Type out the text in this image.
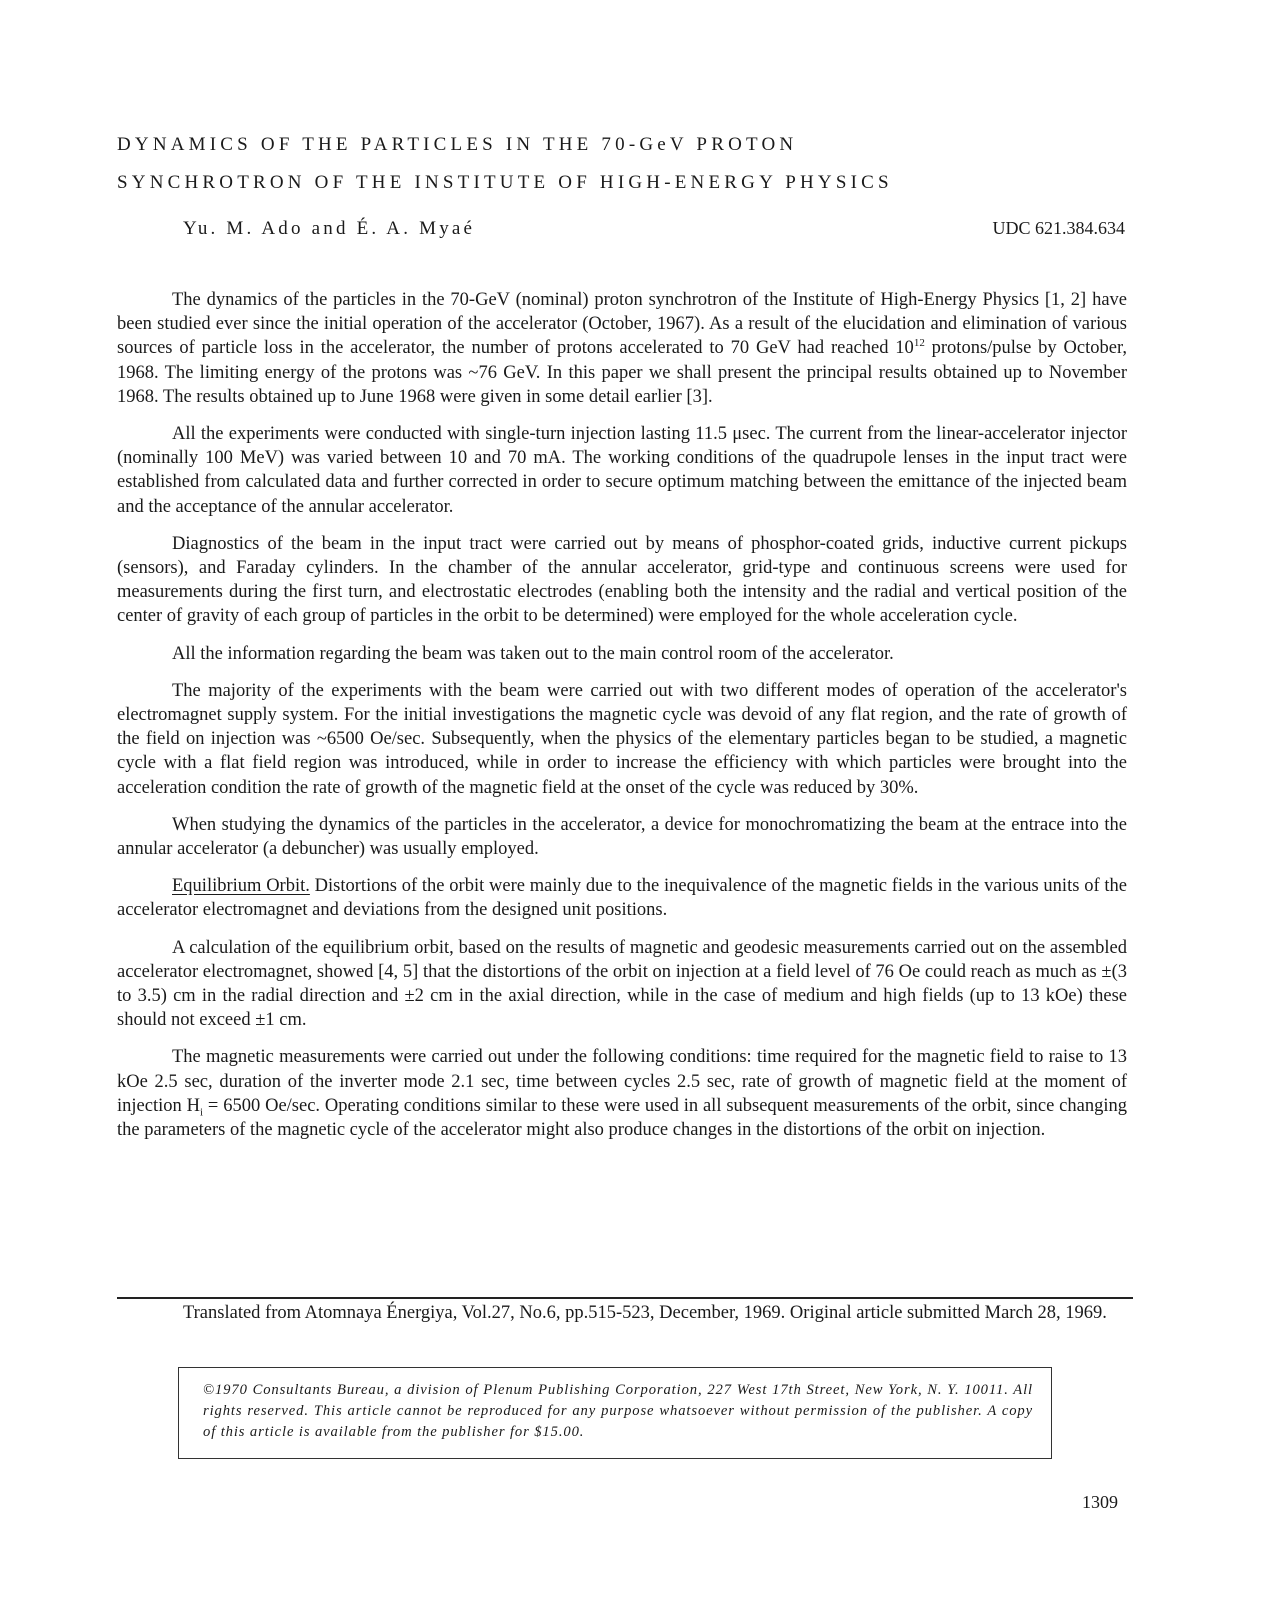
DYNAMICS OF THE PARTICLES IN THE 70-GeV PROTON
SYNCHROTRON OF THE INSTITUTE OF HIGH-ENERGY PHYSICS
Yu. M. Ado and É. A. Myaé	UDC 621.384.634

The dynamics of the particles in the 70-GeV (nominal) proton synchrotron of the Institute of High-Energy Physics [1, 2] have been studied ever since the initial operation of the accelerator (October, 1967). As a result of the elucidation and elimination of various sources of particle loss in the accelerator, the number of protons accelerated to 70 GeV had reached $10^{12}$ protons/pulse by October, 1968. The limiting energy of the protons was ~76 GeV. In this paper we shall present the principal results obtained up to November 1968. The results obtained up to June 1968 were given in some detail earlier [3].

All the experiments were conducted with single-turn injection lasting 11.5 μsec. The current from the linear-accelerator injector (nominally 100 MeV) was varied between 10 and 70 mA. The working conditions of the quadrupole lenses in the input tract were established from calculated data and further corrected in order to secure optimum matching between the emittance of the injected beam and the acceptance of the annular accelerator.

Diagnostics of the beam in the input tract were carried out by means of phosphor-coated grids, inductive current pickups (sensors), and Faraday cylinders. In the chamber of the annular accelerator, grid-type and continuous screens were used for measurements during the first turn, and electrostatic electrodes (enabling both the intensity and the radial and vertical position of the center of gravity of each group of particles in the orbit to be determined) were employed for the whole acceleration cycle.

All the information regarding the beam was taken out to the main control room of the accelerator.

The majority of the experiments with the beam were carried out with two different modes of operation of the accelerator's electromagnet supply system. For the initial investigations the magnetic cycle was devoid of any flat region, and the rate of growth of the field on injection was ~6500 Oe/sec. Subsequently, when the physics of the elementary particles began to be studied, a magnetic cycle with a flat field region was introduced, while in order to increase the efficiency with which particles were brought into the acceleration condition the rate of growth of the magnetic field at the onset of the cycle was reduced by 30%.

When studying the dynamics of the particles in the accelerator, a device for monochromatizing the beam at the entrace into the annular accelerator (a debuncher) was usually employed.

Equilibrium Orbit. Distortions of the orbit were mainly due to the inequivalence of the magnetic fields in the various units of the accelerator electromagnet and deviations from the designed unit positions.

A calculation of the equilibrium orbit, based on the results of magnetic and geodesic measurements carried out on the assembled accelerator electromagnet, showed [4, 5] that the distortions of the orbit on injection at a field level of 76 Oe could reach as much as ±(3 to 3.5) cm in the radial direction and ±2 cm in the axial direction, while in the case of medium and high fields (up to 13 kOe) these should not exceed ±1 cm.

The magnetic measurements were carried out under the following conditions: time required for the magnetic field to raise to 13 kOe 2.5 sec, duration of the inverter mode 2.1 sec, time between cycles 2.5 sec, rate of growth of magnetic field at the moment of injection $H_i = 6500$ Oe/sec. Operating conditions similar to these were used in all subsequent measurements of the orbit, since changing the parameters of the magnetic cycle of the accelerator might also produce changes in the distortions of the orbit on injection.

Translated from Atomnaya Énergiya, Vol.27, No.6, pp.515-523, December, 1969. Original article submitted March 28, 1969.

©1970 Consultants Bureau, a division of Plenum Publishing Corporation, 227 West 17th Street, New York, N. Y. 10011. All rights reserved. This article cannot be reproduced for any purpose whatsoever without permission of the publisher. A copy of this article is available from the publisher for $15.00.

1309
